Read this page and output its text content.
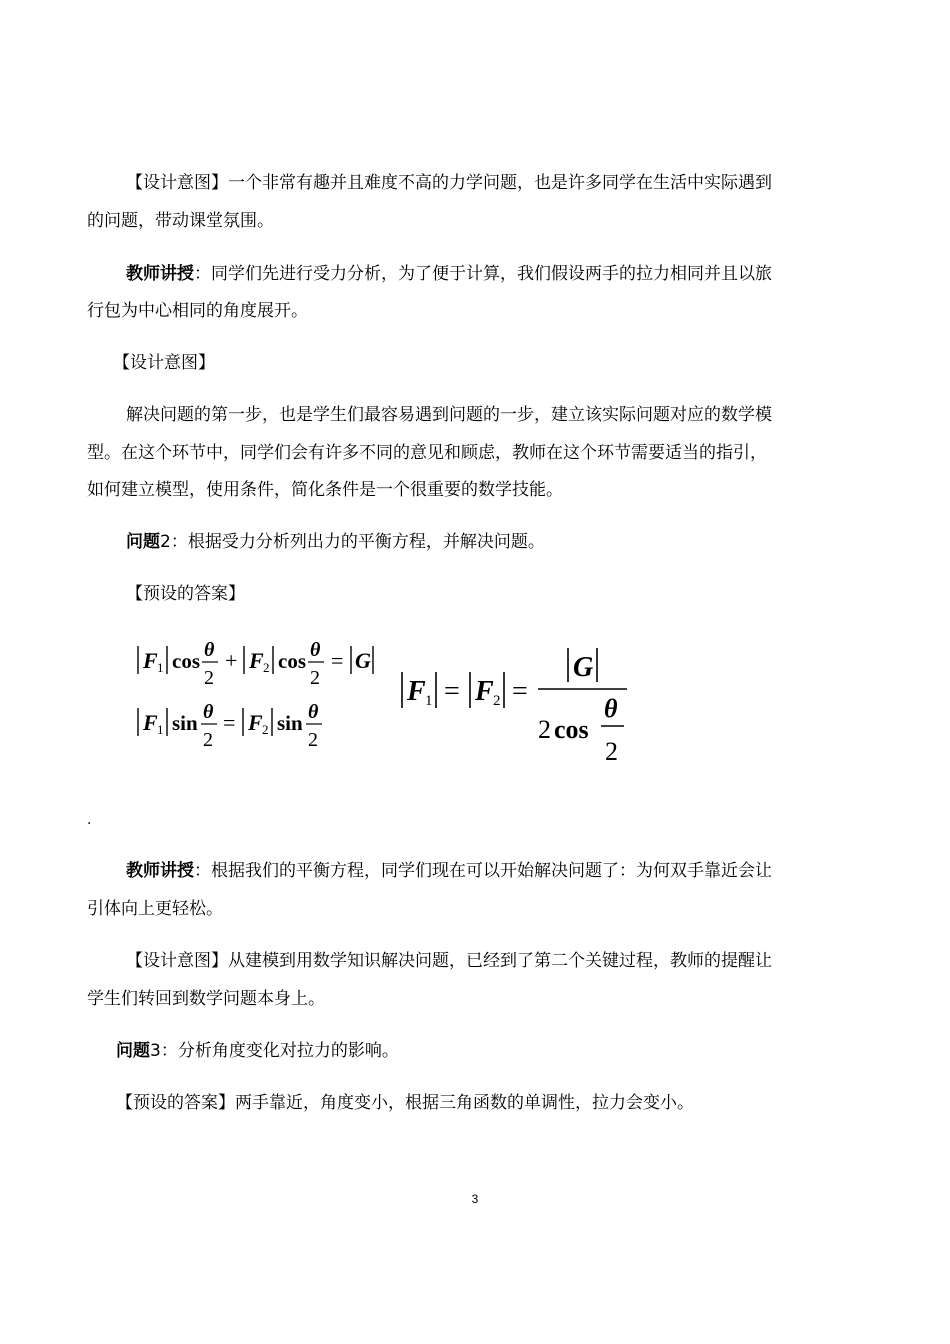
【设计意图】一个非常有趣并且难度不高的力学问题，也是许多同学在生活中实际遇到
的问题，带动课堂氛围。
教师讲授：同学们先进行受力分析，为了便于计算，我们假设两手的拉力相同并且以旅
行包为中心相同的角度展开。
【设计意图】
解决问题的第一步，也是学生们最容易遇到问题的一步，建立该实际问题对应的数学模
型。在这个环节中，同学们会有许多不同的意见和顾虑，教师在这个环节需要适当的指引，
如何建立模型，使用条件，简化条件是一个很重要的数学技能。
问题2：根据受力分析列出力的平衡方程，并解决问题。
【预设的答案】
F 1 cos θ
2
+ F 2 cos θ
2
= G
F 1 sin θ
2
= F 2 sin θ
2
F 1 = F 2 =
G
2 cos
θ
2
.
教师讲授：根据我们的平衡方程，同学们现在可以开始解决问题了：为何双手靠近会让
引体向上更轻松。
【设计意图】从建模到用数学知识解决问题，已经到了第二个关键过程，教师的提醒让
学生们转回到数学问题本身上。
问题3：分析角度变化对拉力的影响。
【预设的答案】两手靠近，角度变小，根据三角函数的单调性，拉力会变小。
3
